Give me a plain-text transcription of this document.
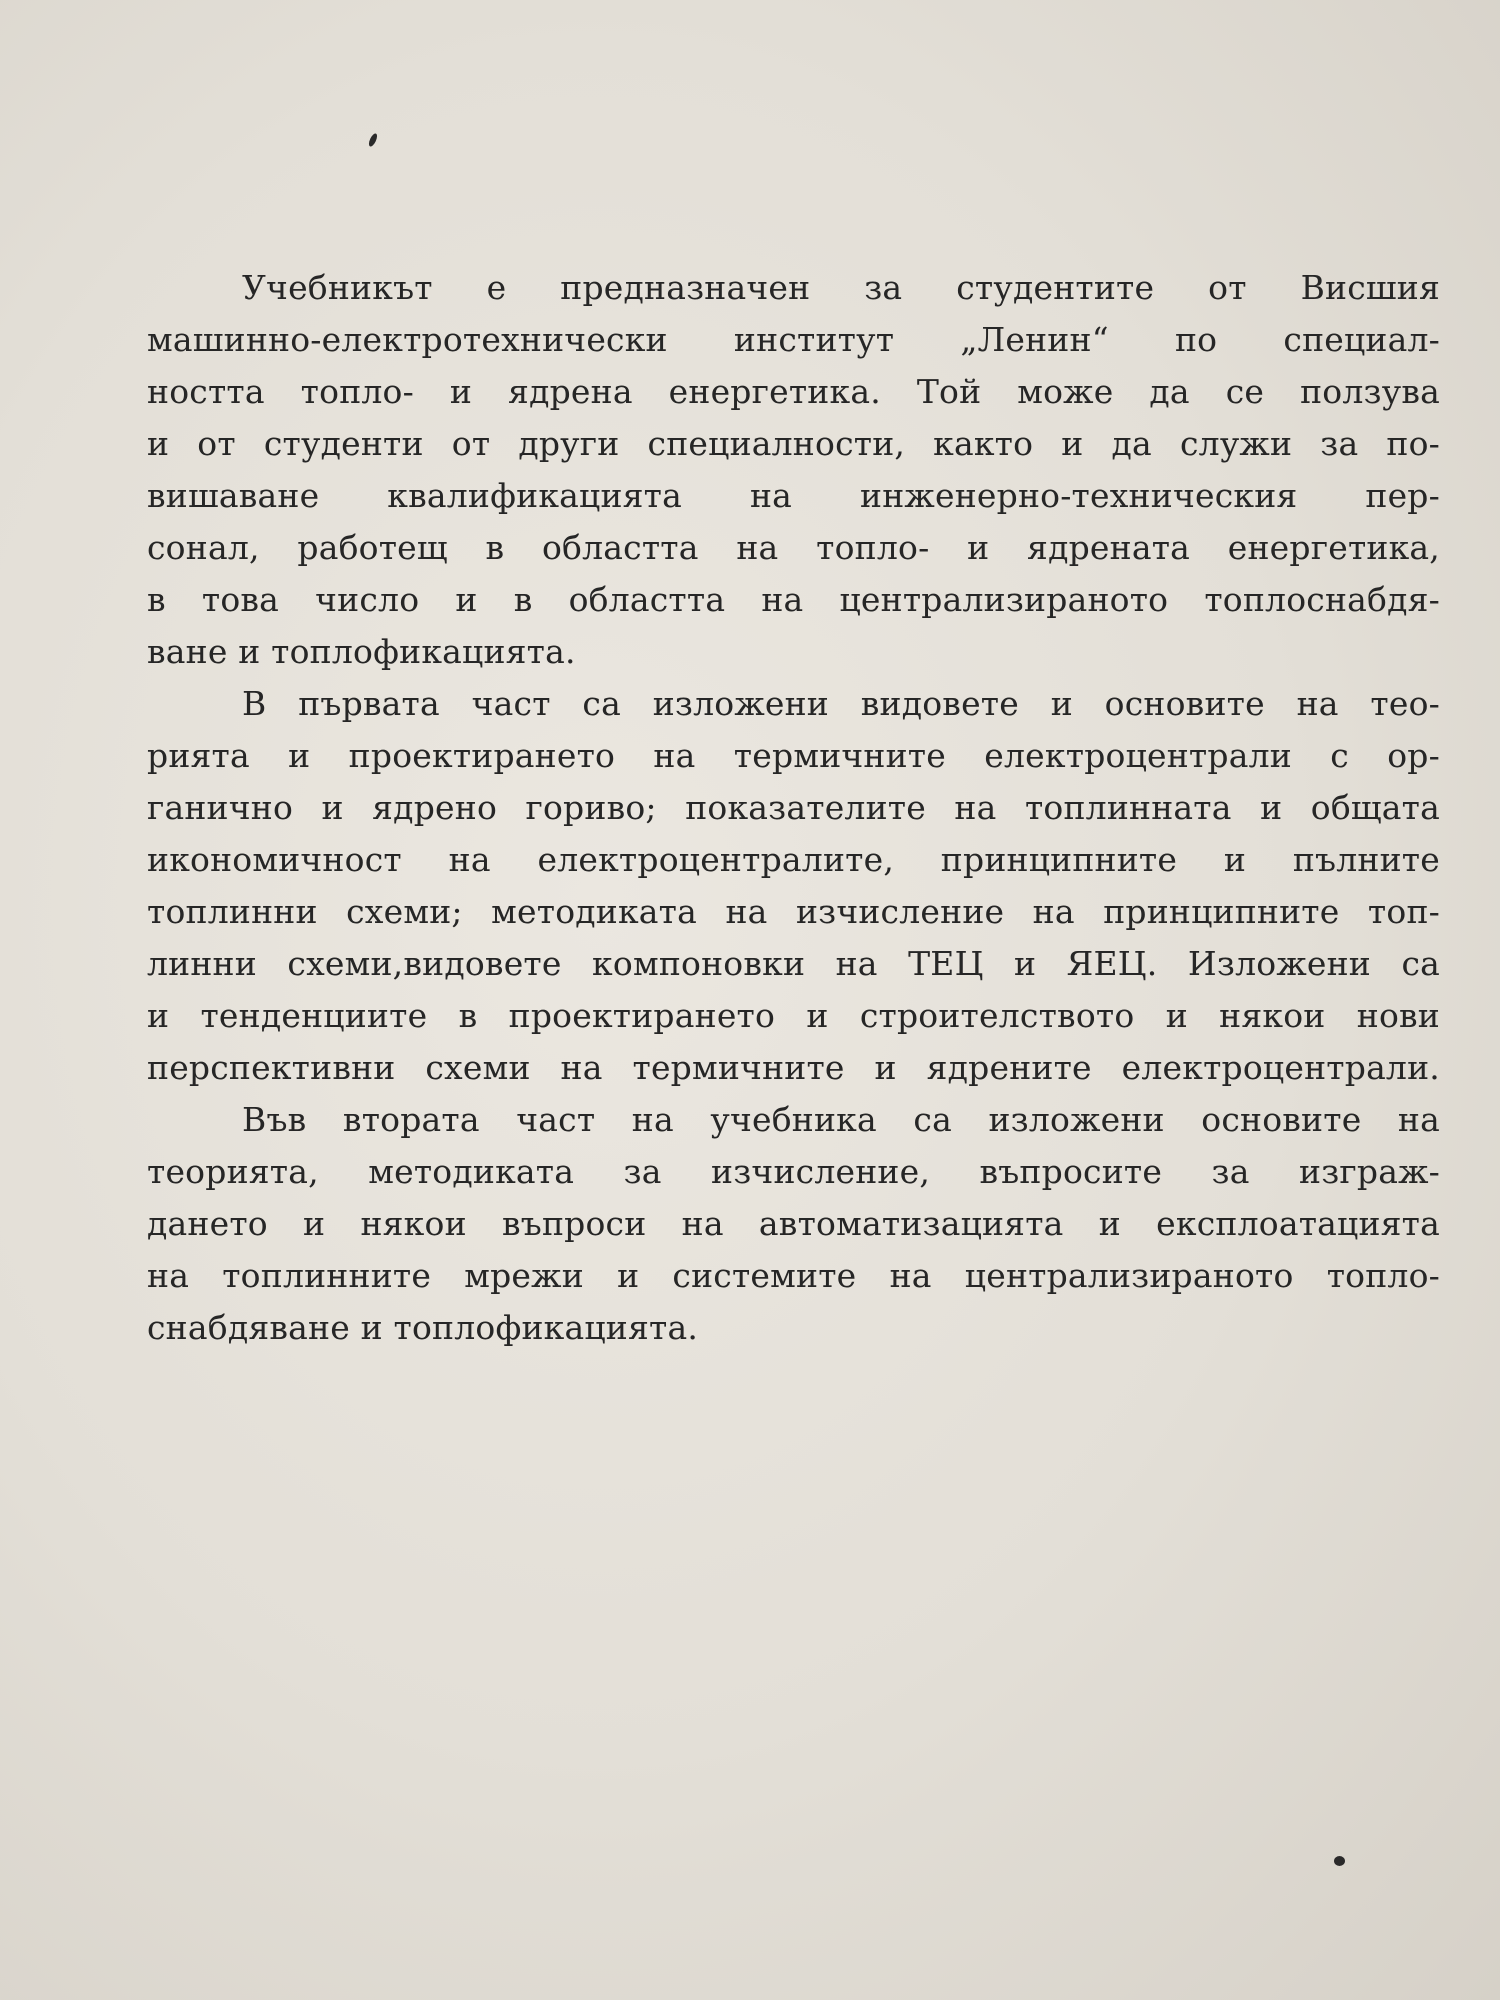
Учебникът е предназначен за студентите от Висшия
машинно-електротехнически институт „Ленин“ по специал-
ността топло- и ядрена енергетика. Той може да се ползува
и от студенти от други специалности, както и да служи за по-
вишаване квалификацията на инженерно-техническия пер-
сонал, работещ в областта на топло- и ядрената енергетика,
в това число и в областта на централизираното топлоснабдя-
ване и топлофикацията.
В първата част са изложени видовете и основите на тео-
рията и проектирането на термичните електроцентрали с ор-
ганично и ядрено гориво; показателите на топлинната и общата
икономичност на електроцентралите, принципните и пълните
топлинни схеми; методиката на изчисление на принципните топ-
линни схеми,видовете компоновки на ТЕЦ и ЯЕЦ. Изложени са
и тенденциите в проектирането и строителството и някои нови
перспективни схеми на термичните и ядрените електроцентрали.
Във втората част на учебника са изложени основите на
теорията, методиката за изчисление, въпросите за изграж-
дането и някои въпроси на автоматизацията и експлоатацията
на топлинните мрежи и системите на централизираното топло-
снабдяване и топлофикацията.
